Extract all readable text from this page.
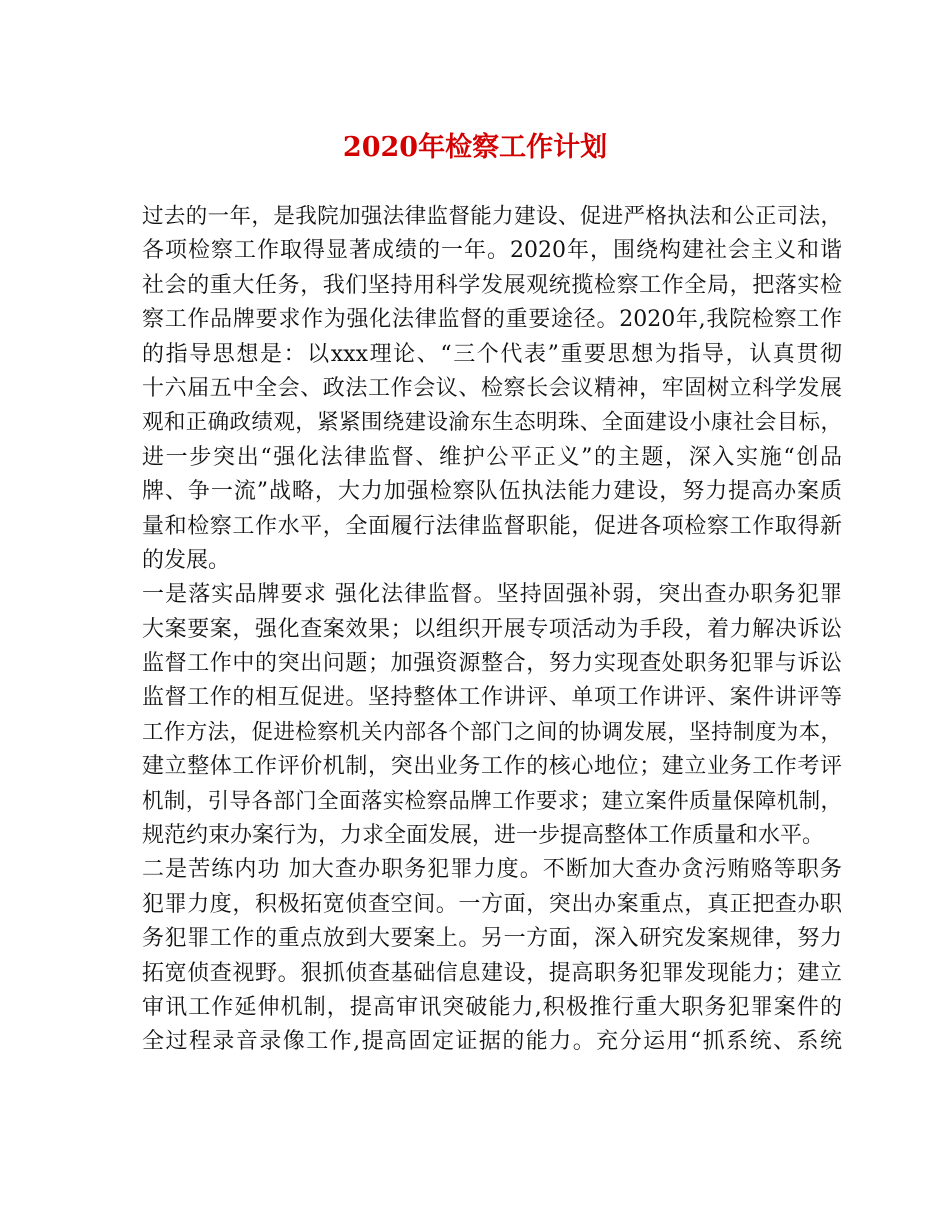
2020年检察工作计划
过去的一年，是我院加强法律监督能力建设、促进严格执法和公正司法，
各项检察工作取得显著成绩的一年。2020年，围绕构建社会主义和谐
社会的重大任务，我们坚持用科学发展观统揽检察工作全局，把落实检
察工作品牌要求作为强化法律监督的重要途径。2020年,我院检察工作
的指导思想是：以xxx理论、“三个代表”重要思想为指导，认真贯彻
十六届五中全会、政法工作会议、检察长会议精神，牢固树立科学发展
观和正确政绩观，紧紧围绕建设渝东生态明珠、全面建设小康社会目标，
进一步突出“强化法律监督、维护公平正义”的主题，深入实施“创品
牌、争一流”战略，大力加强检察队伍执法能力建设，努力提高办案质
量和检察工作水平，全面履行法律监督职能，促进各项检察工作取得新
的发展。
一是落实品牌要求 强化法律监督。坚持固强补弱，突出查办职务犯罪
大案要案，强化查案效果；以组织开展专项活动为手段，着力解决诉讼
监督工作中的突出问题；加强资源整合，努力实现查处职务犯罪与诉讼
监督工作的相互促进。坚持整体工作讲评、单项工作讲评、案件讲评等
工作方法，促进检察机关内部各个部门之间的协调发展，坚持制度为本，
建立整体工作评价机制，突出业务工作的核心地位；建立业务工作考评
机制，引导各部门全面落实检察品牌工作要求；建立案件质量保障机制，
规范约束办案行为，力求全面发展，进一步提高整体工作质量和水平。
二是苦练内功 加大查办职务犯罪力度。不断加大查办贪污贿赂等职务
犯罪力度，积极拓宽侦查空间。一方面，突出办案重点，真正把查办职
务犯罪工作的重点放到大要案上。另一方面，深入研究发案规律，努力
拓宽侦查视野。狠抓侦查基础信息建设，提高职务犯罪发现能力；建立
审讯工作延伸机制，提高审讯突破能力,积极推行重大职务犯罪案件的
全过程录音录像工作,提高固定证据的能力。充分运用“抓系统、系统
